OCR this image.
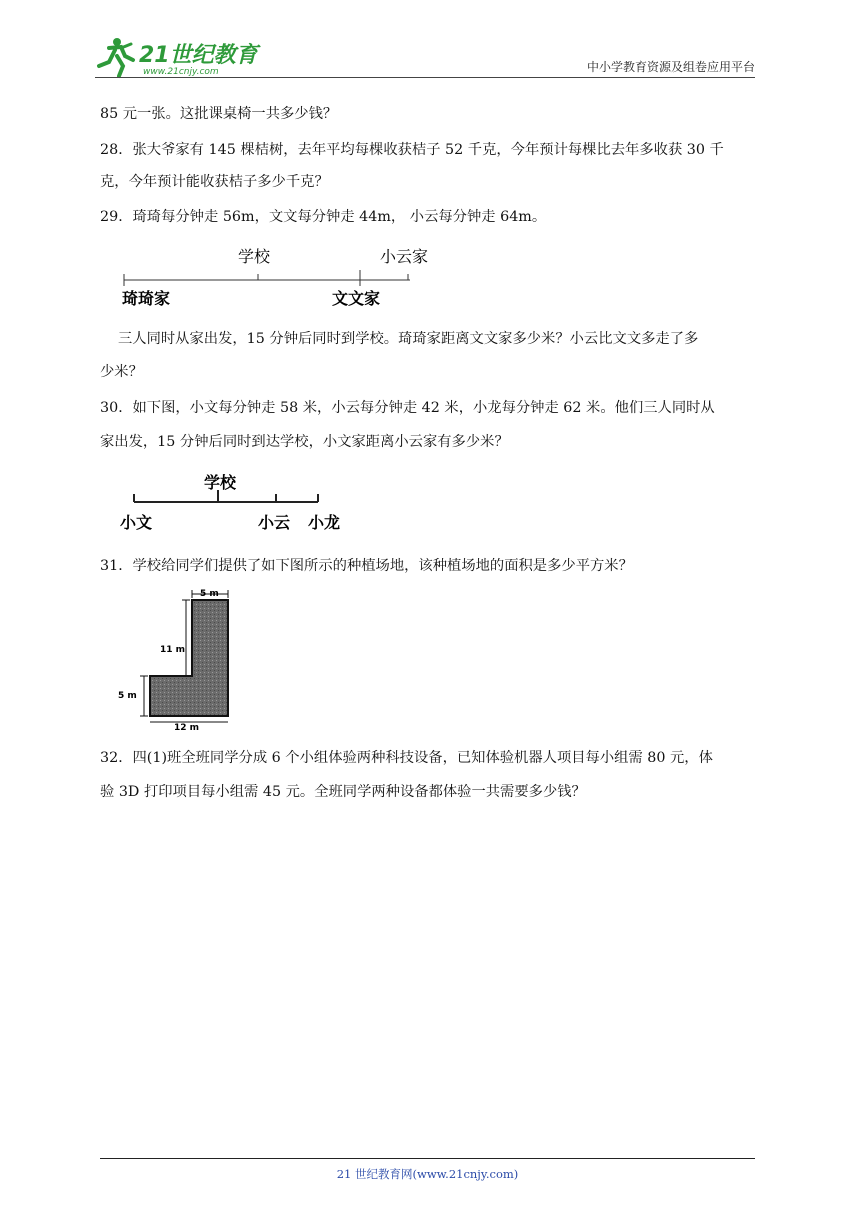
21世纪教育
www.21cnjy.com	中小学教育资源及组卷应用平台
85 元一张。这批课桌椅一共多少钱？
28．张大爷家有 145 棵桔树，去年平均每棵收获桔子 52 千克，今年预计每棵比去年多收获 30 千
克，今年预计能收获桔子多少千克？
29．琦琦每分钟走 56m，文文每分钟走 44m， 小云每分钟走 64m。
学校	小云家
琦琦家	文文家
三人同时从家出发，15 分钟后同时到学校。琦琦家距离文文家多少米？小云比文文多走了多
少米？
30．如下图，小文每分钟走 58 米，小云每分钟走 42 米，小龙每分钟走 62 米。他们三人同时从
家出发，15 分钟后同时到达学校，小文家距离小云家有多少米？
学校
小文	小云 小龙
31．学校给同学们提供了如下图所示的种植场地，该种植场地的面积是多少平方米？
5 m
11 m
5 m
12 m
32．四(1)班全班同学分成 6 个小组体验两种科技设备，已知体验机器人项目每小组需 80 元，体
验 3D 打印项目每小组需 45 元。全班同学两种设备都体验一共需要多少钱？
21 世纪教育网(www.21cnjy.com)
